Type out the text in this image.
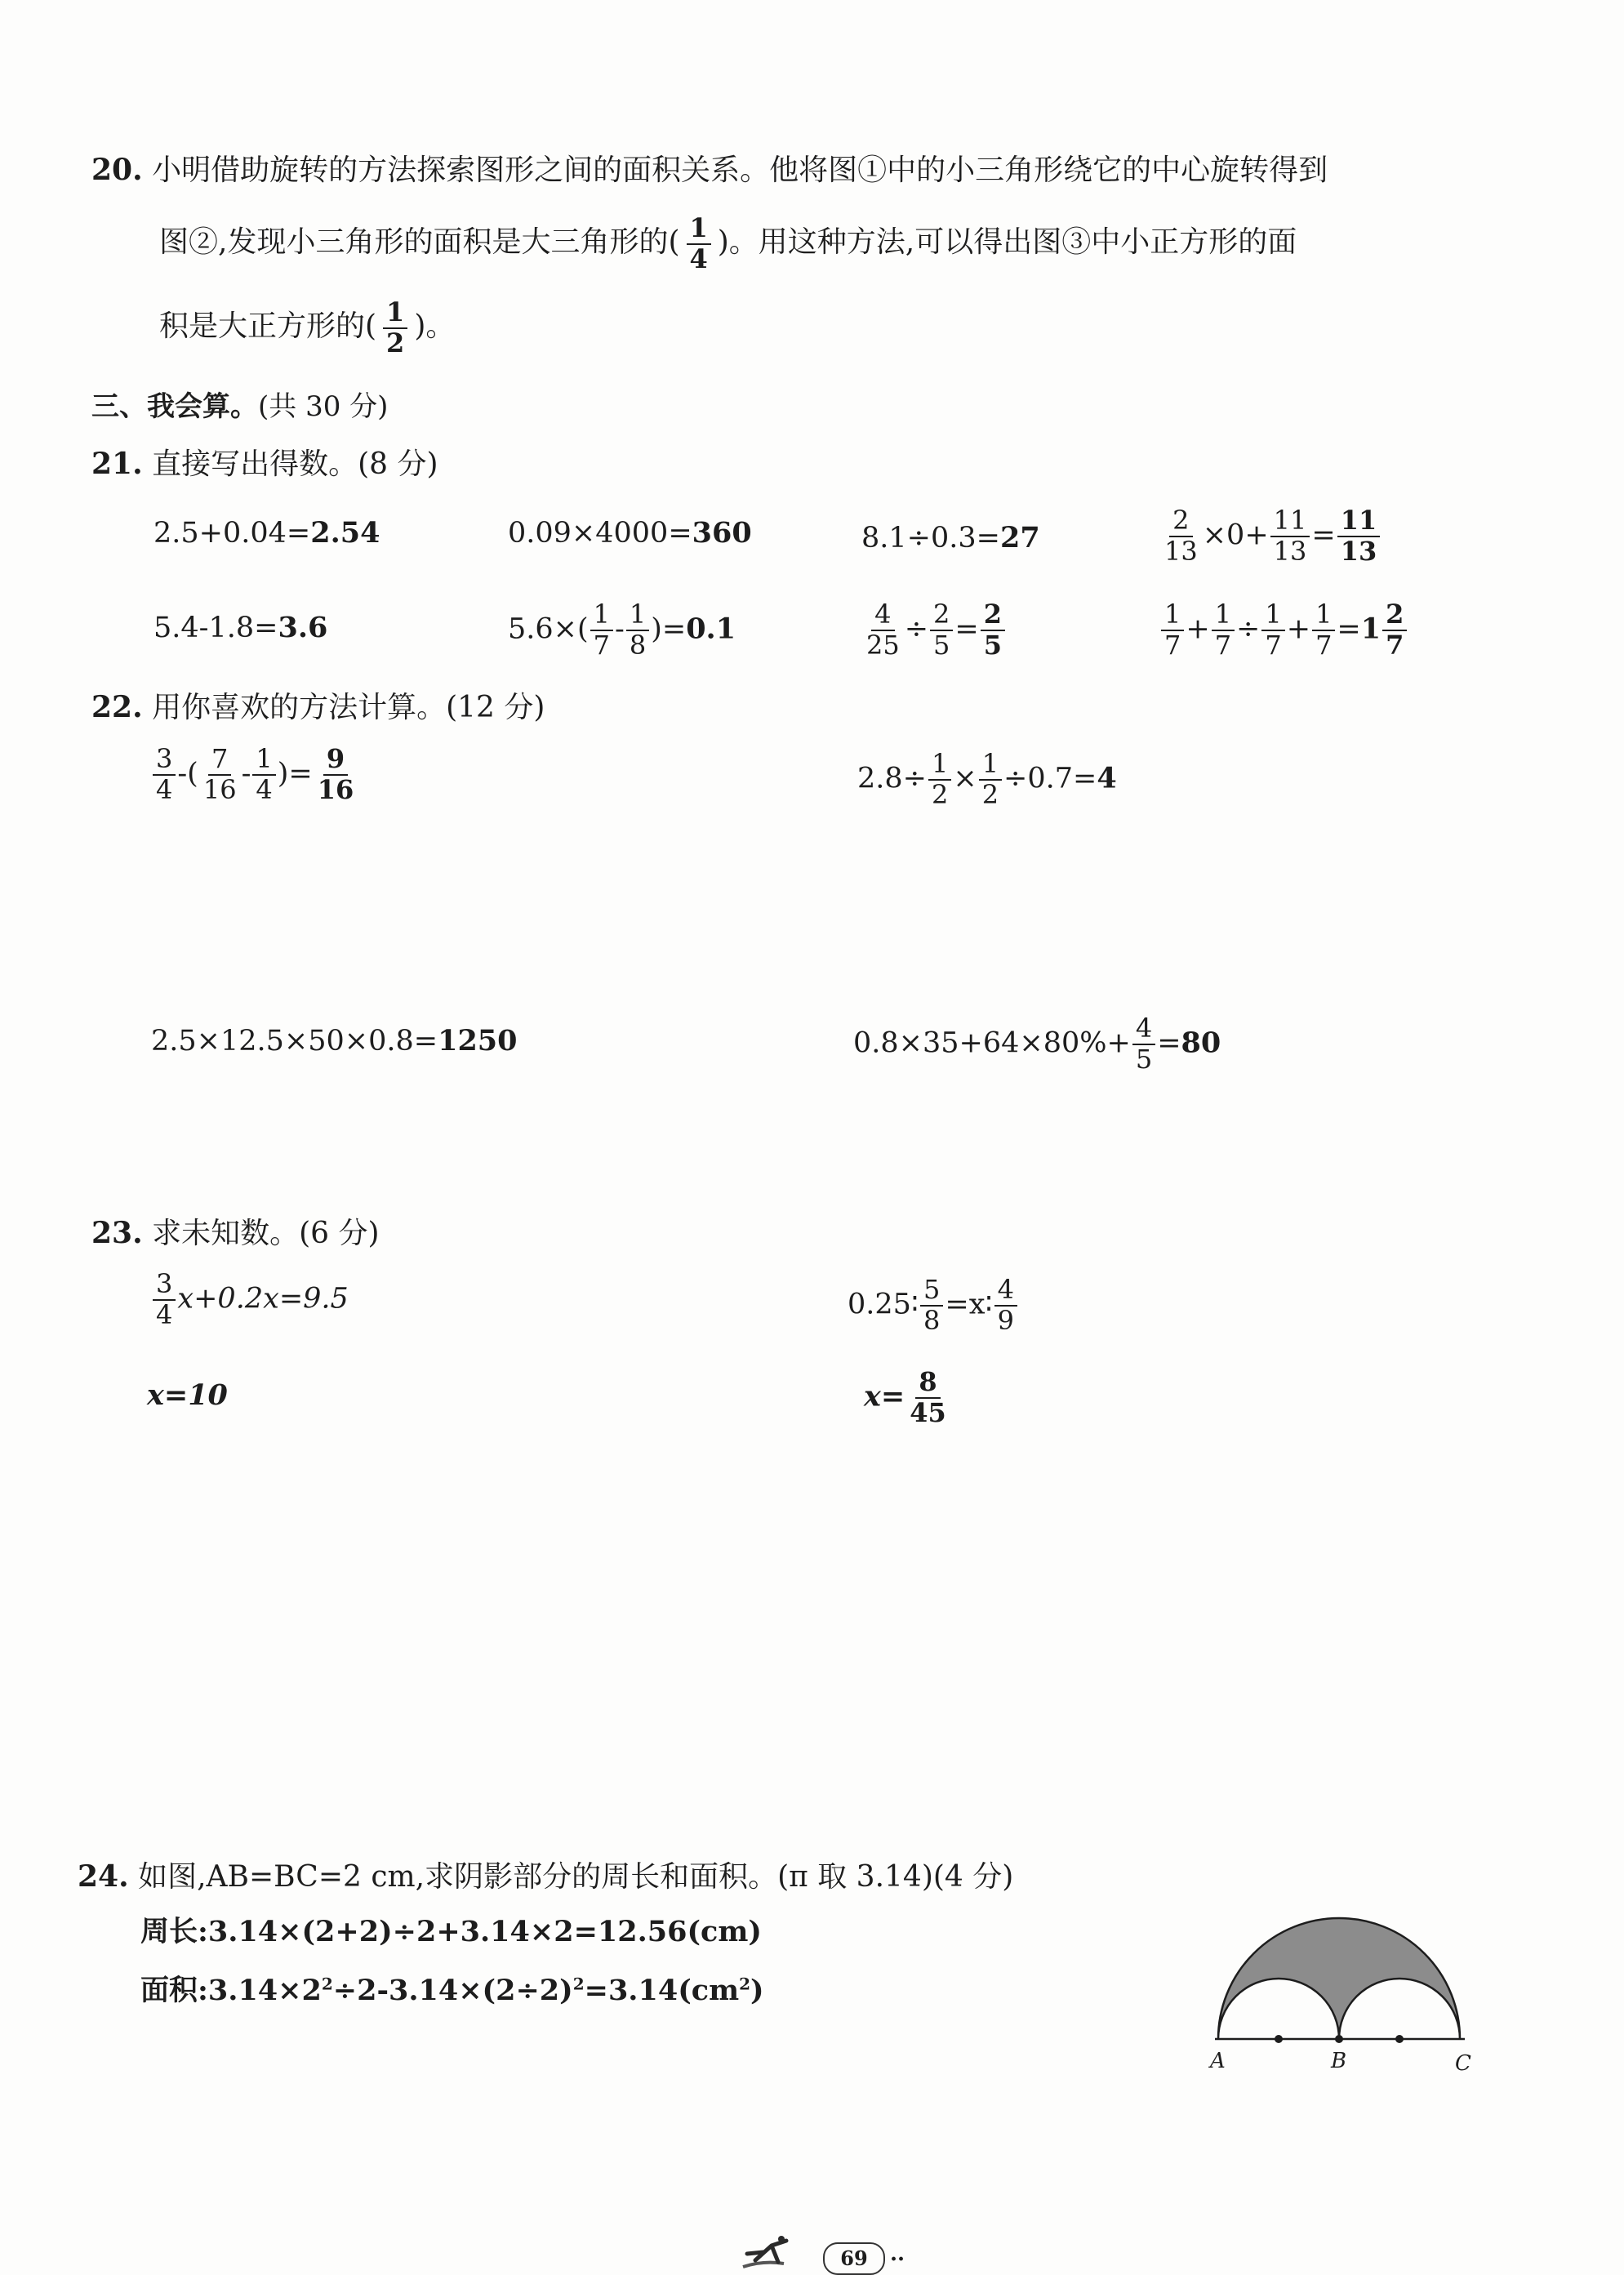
20. 小明借助旋转的方法探索图形之间的面积关系。他将图①中的小三角形绕它的中心旋转得到
图②,发现小三角形的面积是大三角形的( $\frac{1}{4}$ )。用这种方法,可以得出图③中小正方形的面
积是大正方形的( $\frac{1}{2}$ )。
三、我会算。(共 30 分)
21. 直接写出得数。(8 分)
2.5+0.04=2.54	0.09×4000=360	8.1÷0.3=27	$\frac{2}{13} \times 0+ \frac{11}{13} = \frac{11}{13}$
5.4-1.8=3.6	$5.6\times( \frac{1}{7} - \frac{1}{8} )=0.1$	$\frac{4}{25} \div \frac{2}{5} = \frac{2}{5}$	$\frac{1}{7} + \frac{1}{7} \div \frac{1}{7} + \frac{1}{7} =1 \frac{2}{7}$
22. 用你喜欢的方法计算。(12 分)
$\frac{3}{4}$ -( $\frac{7}{16} - \frac{1}{4}$ )= $\frac{9}{16}$	$2.8\div \frac{1}{2} \times \frac{1}{2} \div 0.7=4$
2.5×12.5×50×0.8=1250	$0.8\times 35+64\times 80\%+ \frac{4}{5} =80$
23. 求未知数。(6 分)
$\frac{3}{4} x+0.2x=9.5$
x=10
0.25∶ $\frac{5}{8}$ =x∶ $\frac{4}{9}$
$x= \frac{8}{45}$
24. 如图,AB=BC=2 cm,求阴影部分的周长和面积。(π 取 3.14)(4 分)
周长:3.14×(2+2)÷2+3.14×2=12.56(cm)
面积$:3.14\times 2^2\div 2-3.14\times(2\div 2)^2=3.14(cm^2)$
A	B	C
69	··
